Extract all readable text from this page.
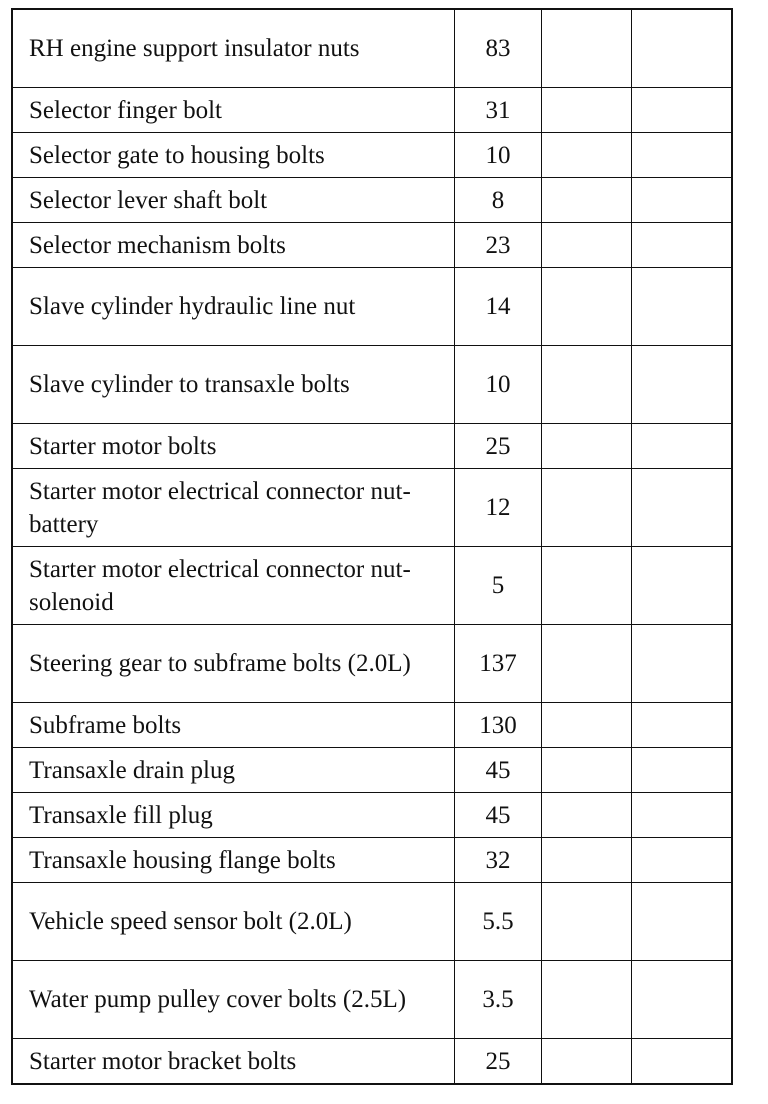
RH engine support insulator nuts	83		
Selector finger bolt	31		
Selector gate to housing bolts	10		
Selector lever shaft bolt	8		
Selector mechanism bolts	23		
Slave cylinder hydraulic line nut	14		
Slave cylinder to transaxle bolts	10		
Starter motor bolts	25		
Starter motor electrical connector nut- battery	12		
Starter motor electrical connector nut-solenoid	5		
Steering gear to subframe bolts (2.0L)	137		
Subframe bolts	130		
Transaxle drain plug	45		
Transaxle fill plug	45		
Transaxle housing flange bolts	32		
Vehicle speed sensor bolt (2.0L)	5.5		
Water pump pulley cover bolts (2.5L)	3.5		
Starter motor bracket bolts	25		
